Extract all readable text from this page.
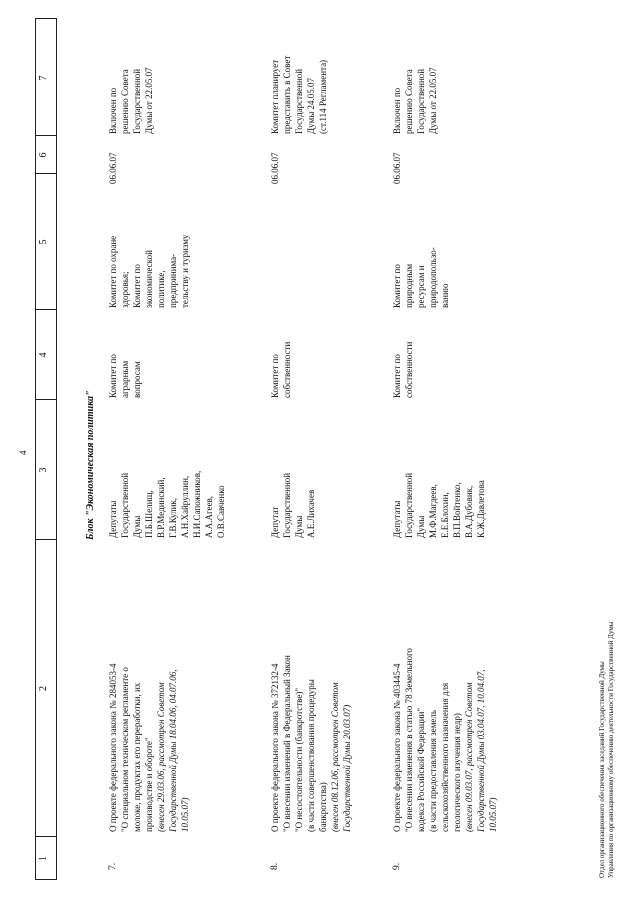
4
1
2
3
4
5
6
7
Блок "Экономическая политика"
7.
О проекте федерального закона № 284053-4
"О специальном техническом регламенте о
молоке, продуктах его переработки, их
производстве и обороте"
(внесен 29.03.06, рассмотрен Советом
Государственной Думы 18.04.06, 04.07.06,
10.05.07)
Депутаты
Государственной
Думы
П.Б.Шелищ,
В.Р.Мединский,
Г.В.Кулик,
А.Н.Хайруллин,
Н.И.Сапожников,
А.А.Агеев,
О.В.Савченко
Комитет по
аграрным
вопросам
Комитет по охране
здоровья;
Комитет по
экономической
политике,
предпринима-
тельству и туризму
06.06.07
Включен по
решению Совета
Государственной
Думы от 22.05.07
8.
О проекте федерального закона № 372132-4
"О внесении изменений в Федеральный Закон
"О несостоятельности (банкротстве)"
(в части совершенствования процедуры
банкротства) (внесен 08.12.06, рассмотрен Советом
Государственной Думы 20.03.07)
Депутат
Государственной
Думы
А.Е.Лихачев
Комитет по
собственности
06.06.07
Комитет планирует
представить в Совет
Государственной
Думы 24.05.07
(ст.114 Регламента)
9.
О проекте федерального закона № 403445-4
"О внесении изменения в статью 78 Земельного
кодекса Российской Федерации"
(в части предоставления земель
сельскохозяйственного назначения для
геологического изучения недр)
(внесен 09.03.07, рассмотрен Советом
Государственной Думы 03.04.07, 10.04.07,
10.05.07)
Депутаты
Государственной
Думы
М.Ф.Магдеев,
Е.Е.Блохин,
В.П.Войтенко,
В.А.Дубовик,
К.Ж.Давлетова
Комитет по
собственности
Комитет по
природным
ресурсам и
природопользо-
ванию
06.06.07
Включен по
решению Совета
Государственной
Думы от 22.05.07
Отдел организационного обеспечения заседаний Государственной Думы Управления по организационному обеспечению деятельности Государственной Думы
